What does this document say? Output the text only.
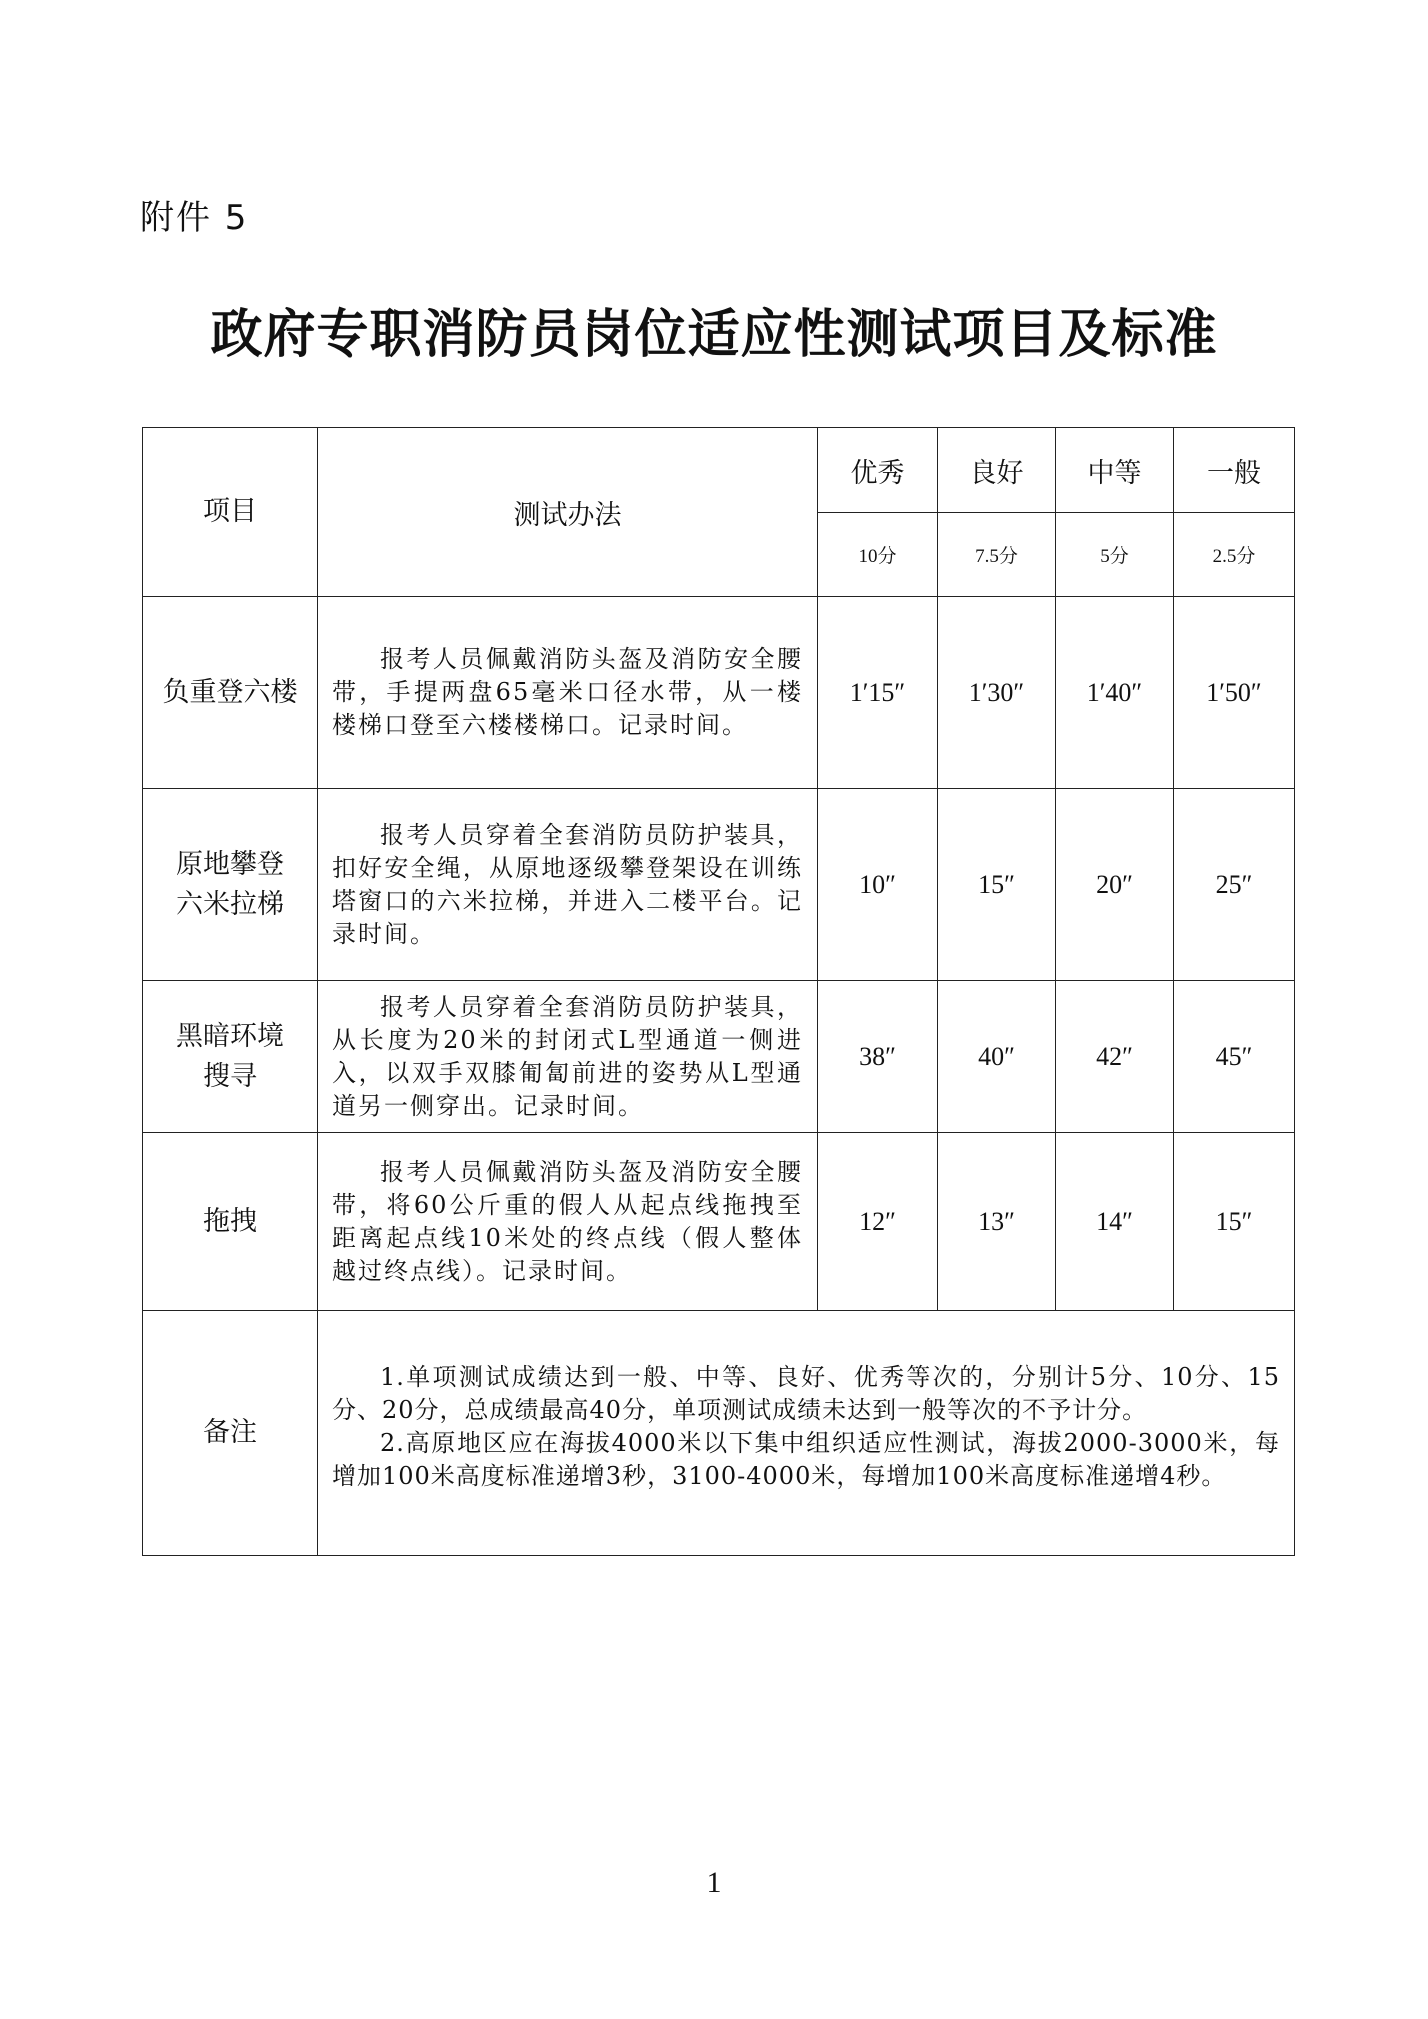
附件 5
政府专职消防员岗位适应性测试项目及标准
项目	测试办法	优秀	良好	中等	一般
		10分	7.5分	5分	2.5分

负重登六楼	报考人员佩戴消防头盔及消防安全腰带，手提两盘65毫米口径水带，从一楼楼梯口登至六楼楼梯口。记录时间。	1′15″	1′30″	1′40″	1′50″

原地攀登
六米拉梯	报考人员穿着全套消防员防护装具，扣好安全绳，从原地逐级攀登架设在训练塔窗口的六米拉梯，并进入二楼平台。记录时间。	10″	15″	20″	25″

黑暗环境
搜寻	报考人员穿着全套消防员防护装具，从长度为20米的封闭式L型通道一侧进入，以双手双膝匍匐前进的姿势从L型通道另一侧穿出。记录时间。	38″	40″	42″	45″

拖拽	报考人员佩戴消防头盔及消防安全腰带，将60公斤重的假人从起点线拖拽至距离起点线10米处的终点线（假人整体越过终点线）。记录时间。	12″	13″	14″	15″
备注	1.单项测试成绩达到一般、中等、良好、优秀等次的，分别计5分、10分、15分、20分，总成绩最高40分，单项测试成绩未达到一般等次的不予计分。
2.高原地区应在海拔4000米以下集中组织适应性测试，海拔2000-3000米，每增加100米高度标准递增3秒，3100-4000米，每增加100米高度标准递增4秒。				
1
